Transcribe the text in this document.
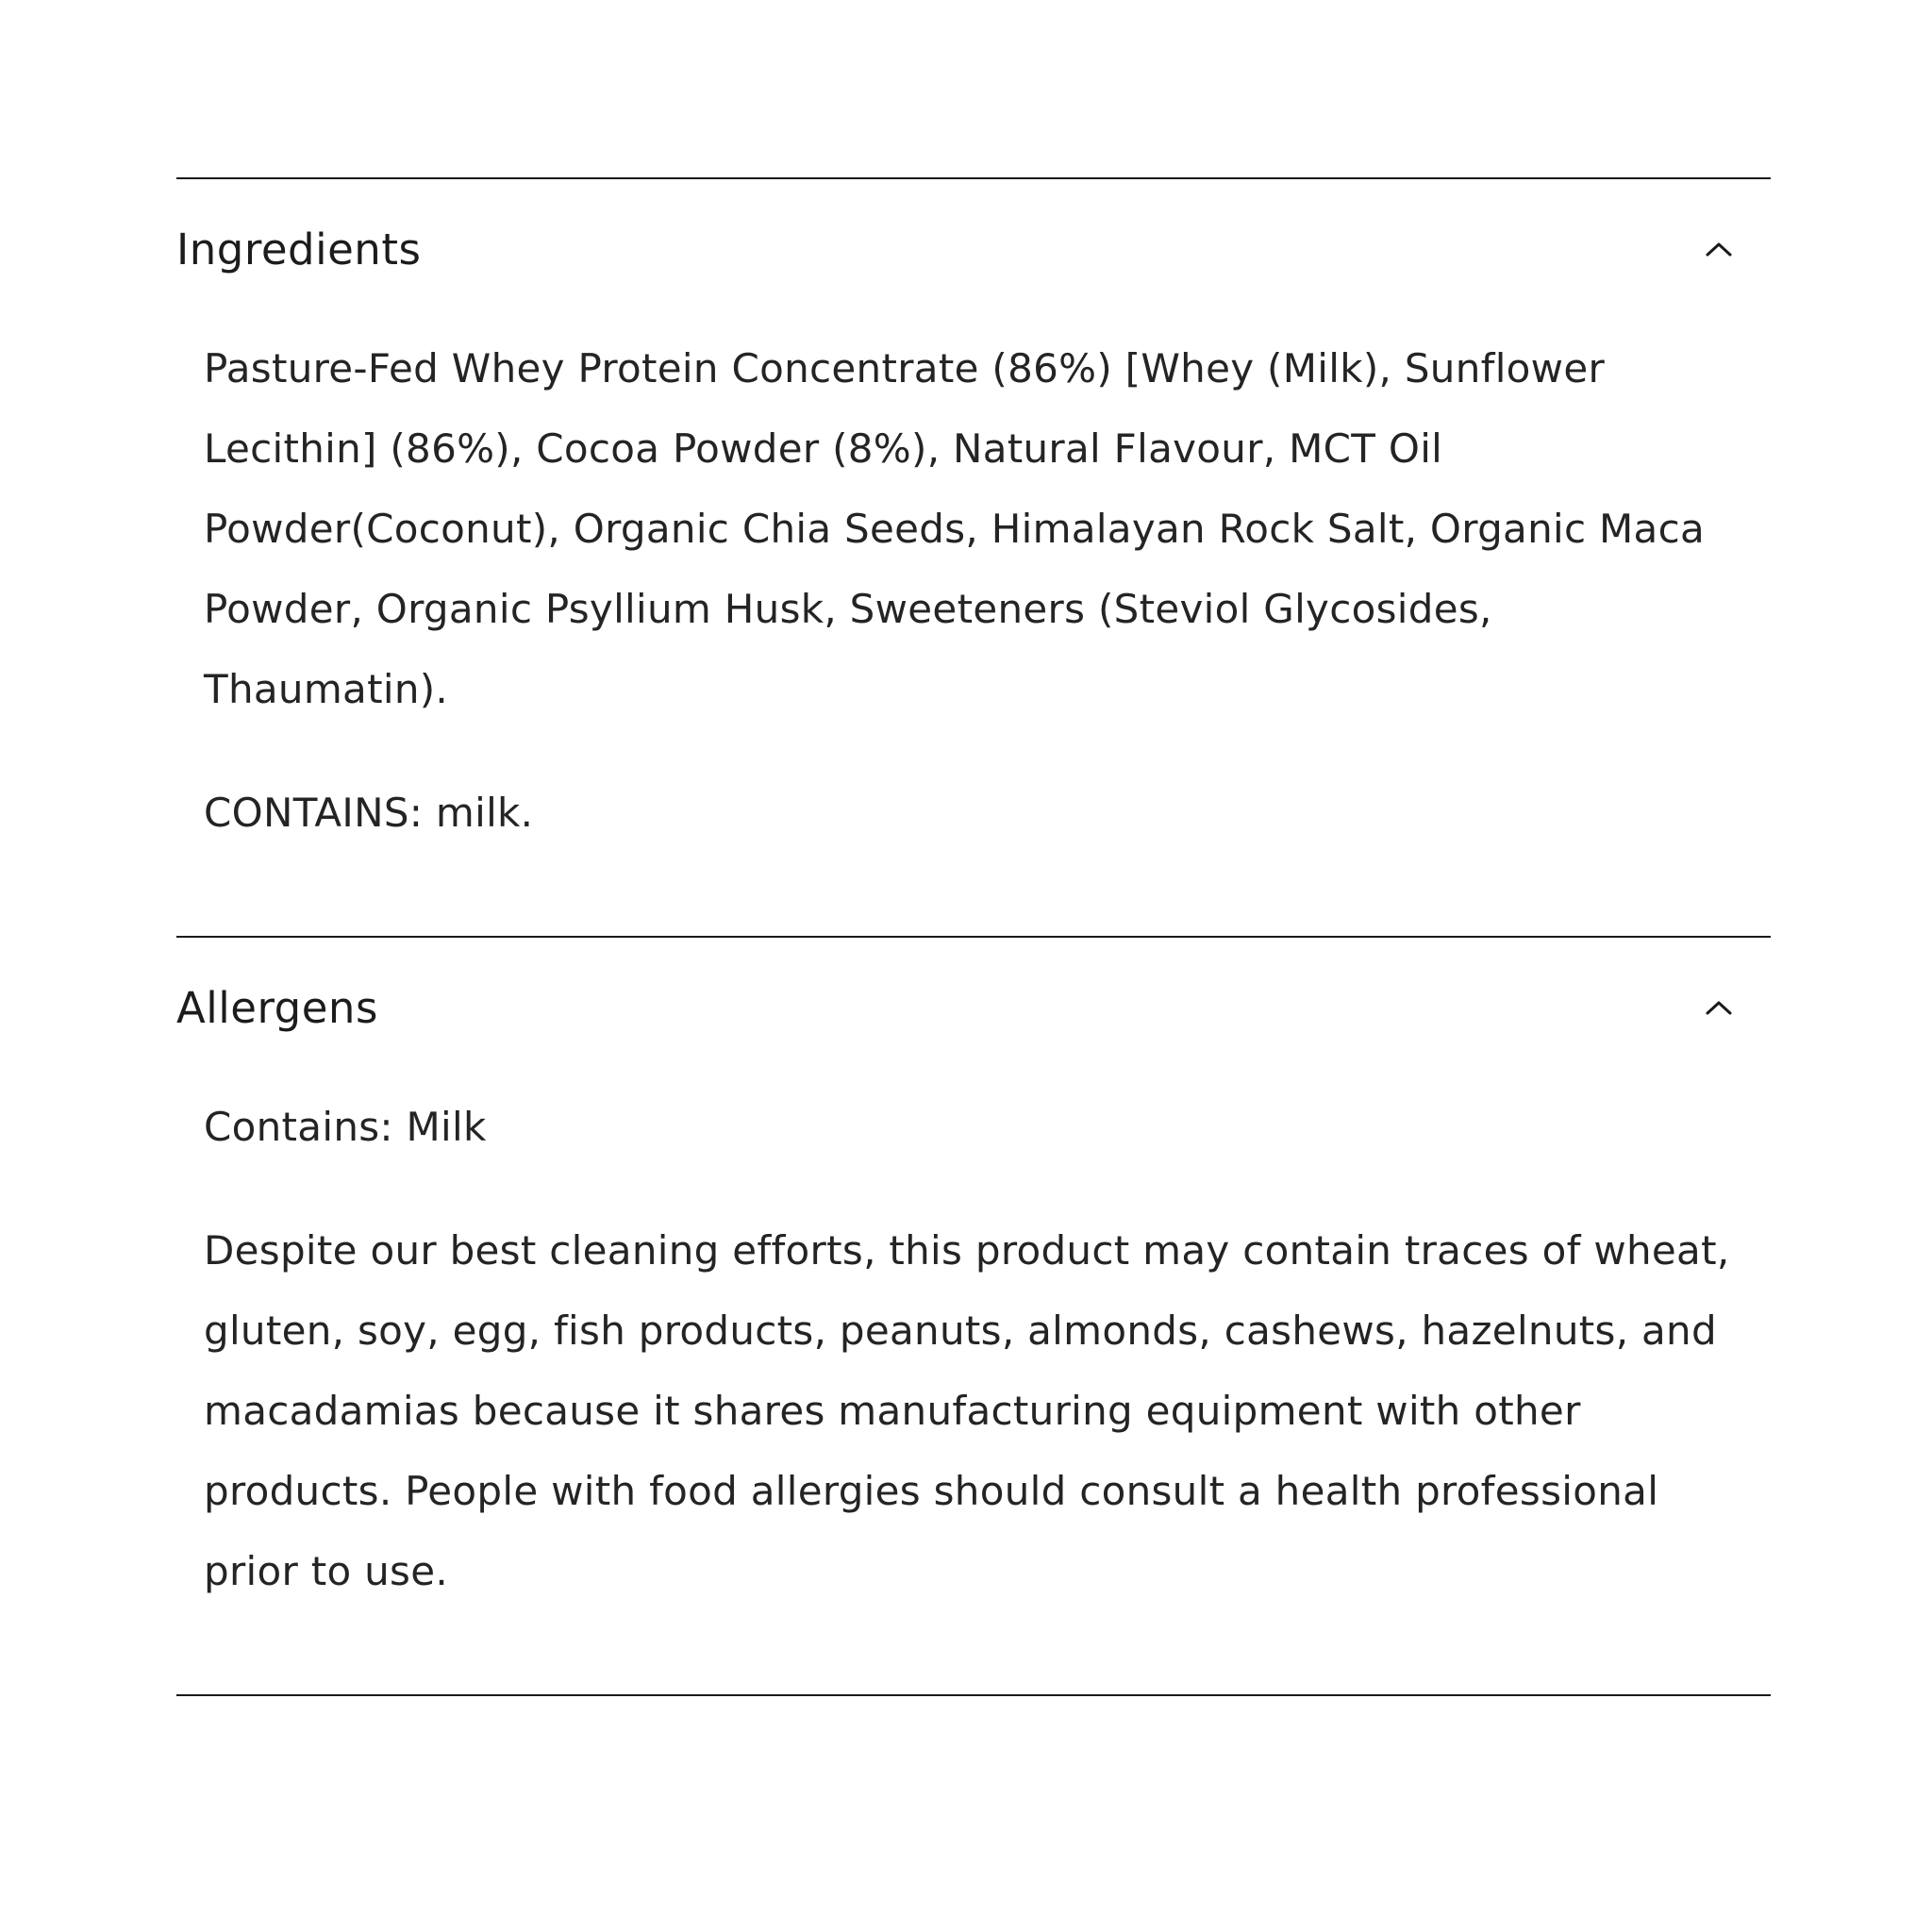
Ingredients

Pasture-Fed Whey Protein Concentrate (86%) [Whey (Milk), Sunflower Lecithin] (86%), Cocoa Powder (8%), Natural Flavour, MCT Oil Powder(Coconut), Organic Chia Seeds, Himalayan Rock Salt, Organic Maca Powder, Organic Psyllium Husk, Sweeteners (Steviol Glycosides, Thaumatin).

CONTAINS: milk.

Allergens

Contains: Milk

Despite our best cleaning efforts, this product may contain traces of wheat, gluten, soy, egg, fish products, peanuts, almonds, cashews, hazelnuts, and macadamias because it shares manufacturing equipment with other products. People with food allergies should consult a health professional prior to use.
